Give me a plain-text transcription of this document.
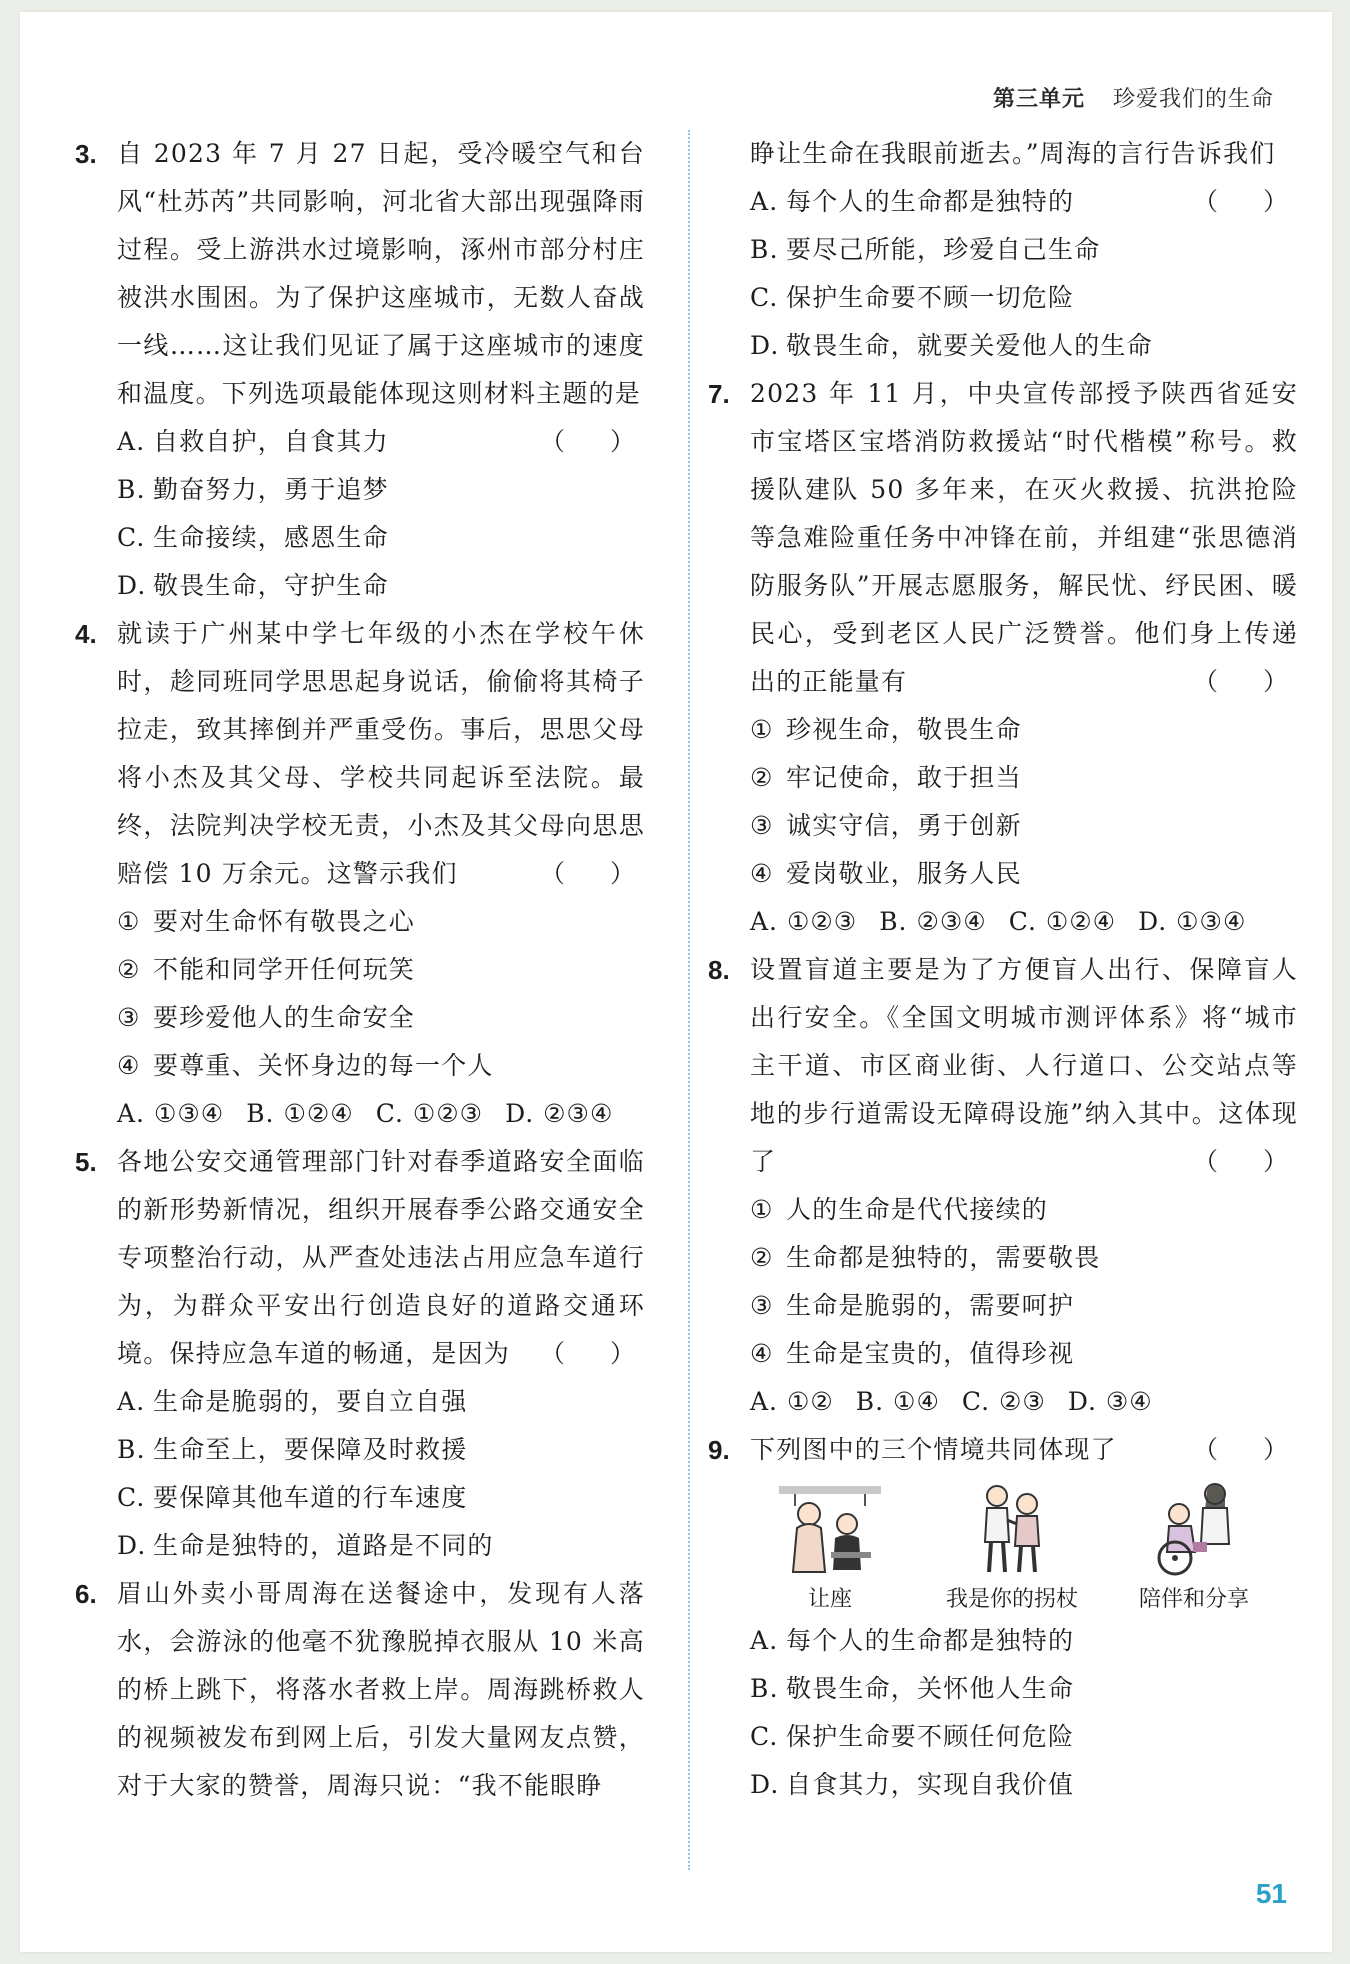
第三单元 珍爱我们的生命
3. 自 2023 年 7 月 27 日起，受冷暖空气和台风“杜苏芮”共同影响，河北省大部出现强降雨过程。受上游洪水过境影响，涿州市部分村庄被洪水围困。为了保护这座城市，无数人奋战一线……这让我们见证了属于这座城市的速度和温度。下列选项最能体现这则材料主题的是
（　）

A. 自救自护，自食其力
B. 勤奋努力，勇于追梦
C. 生命接续，感恩生命
D. 敬畏生命，守护生命
4. 就读于广州某中学七年级的小杰在学校午休时，趁同班同学思思起身说话，偷偷将其椅子拉走，致其摔倒并严重受伤。事后，思思父母将小杰及其父母、学校共同起诉至法院。最终，法院判决学校无责，小杰及其父母向思思赔偿 10 万余元。这警示我们	（　）

① 要对生命怀有敬畏之心
② 不能和同学开任何玩笑
③ 要珍爱他人的生命安全
④ 要尊重、关怀身边的每一个人
A. ①③④ B. ①②④ C. ①②③ D. ②③④
5. 各地公安交通管理部门针对春季道路安全面临的新形势新情况，组织开展春季公路交通安全专项整治行动，从严查处违法占用应急车道行为，为群众平安出行创造良好的道路交通环境。保持应急车道的畅通，是因为 （　）

A. 生命是脆弱的，要自立自强
B. 生命至上，要保障及时救援
C. 要保障其他车道的行车速度
D. 生命是独特的，道路是不同的
6. 眉山外卖小哥周海在送餐途中，发现有人落水，会游泳的他毫不犹豫脱掉衣服从 10 米高的桥上跳下，将落水者救上岸。周海跳桥救人的视频被发布到网上后，引发大量网友点赞，对于大家的赞誉，周海只说：“我不能眼睁

睁让生命在我眼前逝去。”周海的言行告诉我们
（　）

A. 每个人的生命都是独特的
B. 要尽己所能，珍爱自己生命
C. 保护生命要不顾一切危险
D. 敬畏生命，就要关爱他人的生命
7. 2023 年 11 月，中央宣传部授予陕西省延安市宝塔区宝塔消防救援站“时代楷模”称号。救援队建队 50 多年来，在灭火救援、抗洪抢险等急难险重任务中冲锋在前，并组建“张思德消防服务队”开展志愿服务，解民忧、纾民困、暖民心，受到老区人民广泛赞誉。他们身上传递出的正能量有	（　）

① 珍视生命，敬畏生命
② 牢记使命，敢于担当
③ 诚实守信，勇于创新
④ 爱岗敬业，服务人民
A. ①②③ B. ②③④ C. ①②④ D. ①③④
8. 设置盲道主要是为了方便盲人出行、保障盲人出行安全。《全国文明城市测评体系》将“城市主干道、市区商业街、人行道口、公交站点等地的步行道需设无障碍设施”纳入其中。这体现了	（　）

① 人的生命是代代接续的
② 生命都是独特的，需要敬畏
③ 生命是脆弱的，需要呵护
④ 生命是宝贵的，值得珍视
A. ①② B. ①④ C. ②③ D. ③④
9. 下列图中的三个情境共同体现了	（　）

让座	我是你的拐杖	陪伴和分享
A. 每个人的生命都是独特的
B. 敬畏生命，关怀他人生命
C. 保护生命要不顾任何危险
D. 自食其力，实现自我价值
51
